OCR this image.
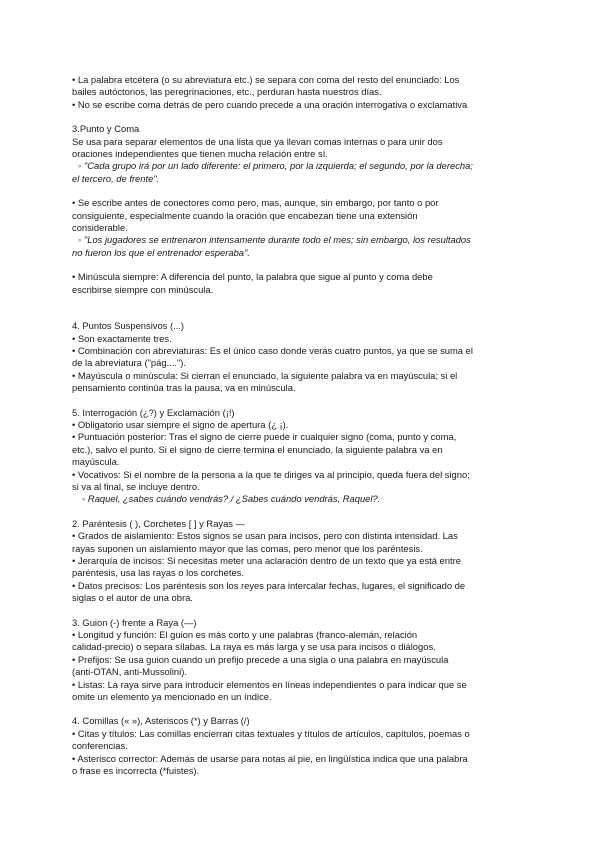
• La palabra etcétera (o su abreviatura etc.) se separa con coma del resto del enunciado: Los

bailes autóctonos, las peregrinaciones, etc., perduran hasta nuestros días.

• No se escribe coma detrás de pero cuando precede a una oración interrogativa o exclamativa

3.Punto y Coma

Se usa para separar elementos de una lista que ya llevan comas internas o para unir dos

oraciones independientes que tienen mucha relación entre sí.

◦ "Cada grupo irá por un lado diferente: el primero, por la izquierda; el segundo, por la derecha;

el tercero, de frente".

• Se escribe antes de conectores como pero, mas, aunque, sin embargo, por tanto o por

consiguiente, especialmente cuando la oración que encabezan tiene una extensión

considerable.

◦ "Los jugadores se entrenaron intensamente durante todo el mes; sin embargo, los resultados

no fueron los que el entrenador esperaba".

• Minúscula siempre: A diferencia del punto, la palabra que sigue al punto y coma debe

escribirse siempre con minúscula.

4. Puntos Suspensivos (...)

• Son exactamente tres.

• Combinación con abreviaturas: Es el único caso donde verás cuatro puntos, ya que se suma el

de la abreviatura ("pág....").

• Mayúscula o minúscula: Si cierran el enunciado, la siguiente palabra va en mayúscula; si el

pensamiento continúa tras la pausa, va en minúscula.

5. Interrogación (¿?) y Exclamación (¡!)

• Obligatorio usar siempre el signo de apertura (¿ ¡).

• Puntuación posterior: Tras el signo de cierre puede ir cualquier signo (coma, punto y coma,

etc.), salvo el punto. Si el signo de cierre termina el enunciado, la siguiente palabra va en

mayúscula.

• Vocativos: Si el nombre de la persona a la que te diriges va al principio, queda fuera del signo;

si va al final, se incluye dentro.

◦ Raquel, ¿sabes cuándo vendrás? / ¿Sabes cuándo vendrás, Raquel?.

2. Paréntesis ( ), Corchetes [ ] y Rayas —

• Grados de aislamiento: Estos signos se usan para incisos, pero con distinta intensidad. Las

rayas suponen un aislamiento mayor que las comas, pero menor que los paréntesis.

• Jerarquía de incisos: Si necesitas meter una aclaración dentro de un texto que ya está entre

paréntesis, usa las rayas o los corchetes.

• Datos precisos: Los paréntesis son los reyes para intercalar fechas, lugares, el significado de

siglas o el autor de una obra.

3. Guion (-) frente a Raya (—)

• Longitud y función: El guion es más corto y une palabras (franco-alemán, relación

calidad-precio) o separa sílabas. La raya es más larga y se usa para incisos o diálogos.

• Prefijos: Se usa guion cuando un prefijo precede a una sigla o una palabra en mayúscula

(anti-OTAN, anti-Mussolini).

• Listas: La raya sirve para introducir elementos en líneas independientes o para indicar que se

omite un elemento ya mencionado en un índice.

4. Comillas (« »), Asteriscos (*) y Barras (/)

• Citas y títulos: Las comillas encierran citas textuales y títulos de artículos, capítulos, poemas o

conferencias.

• Asterisco corrector: Además de usarse para notas al pie, en lingüística indica que una palabra

o frase es incorrecta (*fuistes).
